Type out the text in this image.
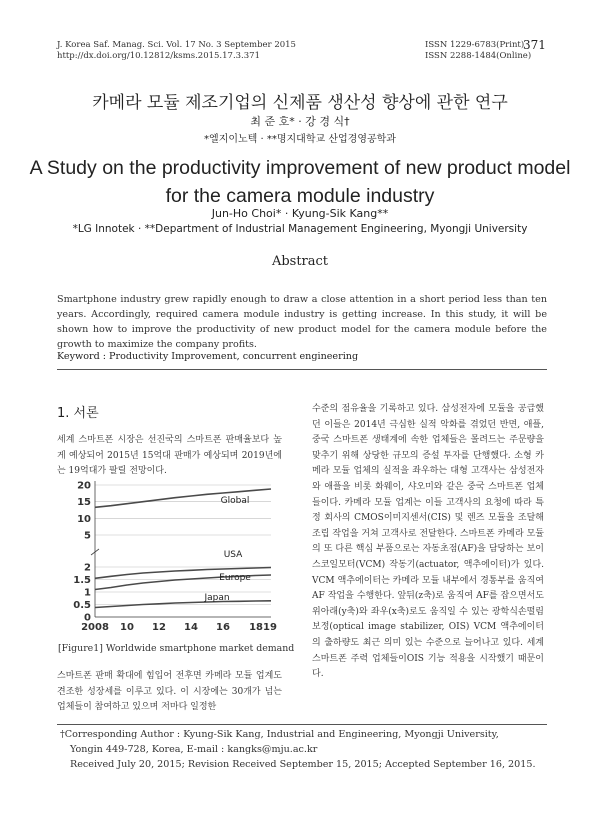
J. Korea Saf. Manag. Sci. Vol. 17 No. 3 September 2015
http://dx.doi.org/10.12812/ksms.2015.17.3.371
ISSN 1229-6783(Print)
ISSN 2288-1484(Online)
371
카메라 모듈 제조기업의 신제품 생산성 향상에 관한 연구
최 준 호* · 강 경 식†
*엘지이노텍 · **명지대학교 산업경영공학과
A Study on the productivity improvement of new product model
for the camera module industry
Jun-Ho Choi* · Kyung-Sik Kang**
*LG Innotek · **Department of Industrial Management Engineering, Myongji University
Abstract
Smartphone industry grew rapidly enough to draw a close attention in a short period less than ten years. Accordingly, required camera module industry is getting increase. In this study, it will be shown how to improve the productivity of new product model for the camera module before the growth to maximize the company profits.
Keyword : Productivity Improvement, concurrent engineering
1. 서론
세계 스마트폰 시장은 선진국의 스마트폰 판매율보다 높게 예상되어 2015년 15억대 판매가 예상되며 2019년에는 19억대가 팔릴 전망이다.
0
0.5
1
1.5
2
5
10
15
20
2008 10 12 14 16 1819
Global
USA
Europe
Japan
[Figure1] Worldwide smartphone market demand
스마트폰 판매 확대에 힘입어 전후면 카메라 모듈 업계도 견조한 성장세를 이루고 있다. 이 시장에는 30개가 넘는 업체들이 참여하고 있으며 저마다 일정한
수준의 점유율을 기록하고 있다. 삼성전자에 모듈을 공급했던 이들은 2014년 극심한 실적 악화를 겪었던 반면, 애플, 중국 스마트폰 생태계에 속한 업체들은 몰려드는 주문량을 맞추기 위해 상당한 규모의 증설 투자를 단행했다. 소형 카메라 모듈 업체의 실적을 좌우하는 대형 고객사는 삼성전자와 애플을 비롯 화웨이, 샤오미와 같은 중국 스마트폰 업체들이다. 카메라 모듈 업계는 이들 고객사의 요청에 따라 특정 회사의 CMOS이미지센서(CIS) 및 렌즈 모듈을 조달해 조립 작업을 거쳐 고객사로 전달한다. 스마트폰 카메라 모듈의 또 다른 핵심 부품으로는 자동초점(AF)을 담당하는 보이스코일모터(VCM) 작동기(actuator, 액추에이터)가 있다. VCM 액추에이터는 카메라 모듈 내부에서 경통부를 움직여 AF 작업을 수행한다. 앞뒤(z축)로 움직여 AF를 잡으면서도 위아래(y축)와 좌우(x축)로도 움직일 수 있는 광학식손떨림보정(optical image stabilizer, OIS) VCM 액추에이터의 출하량도 최근 의미 있는 수준으로 늘어나고 있다. 세계 스마트폰 주력 업체들이OIS 기능 적용을 시작했기 때문이다.
†Corresponding Author : Kyung-Sik Kang, Industrial and Engineering, Myongji University,
Yongin 449-728, Korea, E-mail : kangks@mju.ac.kr
Received July 20, 2015; Revision Received September 15, 2015; Accepted September 16, 2015.
